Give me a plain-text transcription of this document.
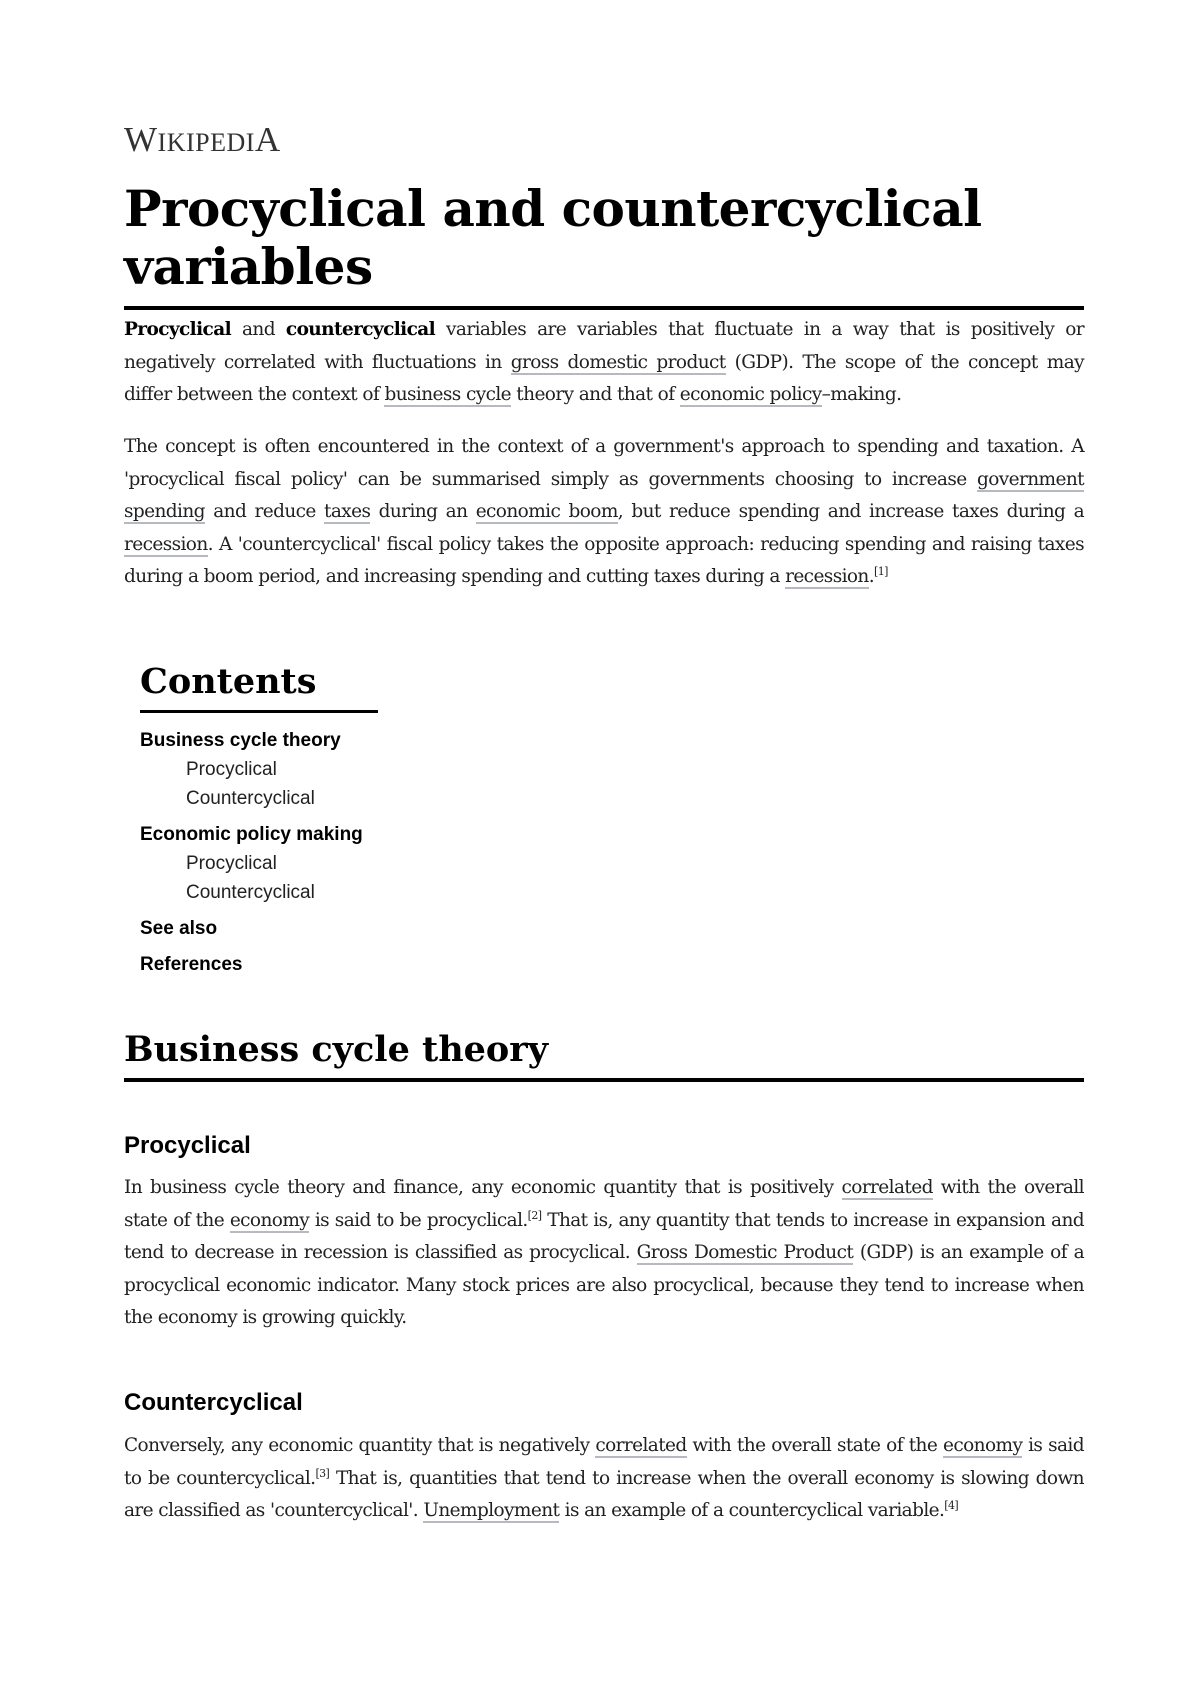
WIKIPEDIA
Procyclical and countercyclical variables

Procyclical and countercyclical variables are variables that fluctuate in a way that is positively or negatively correlated with fluctuations in gross domestic product (GDP). The scope of the concept may differ between the context of business cycle theory and that of economic policy–making.

The concept is often encountered in the context of a government's approach to spending and taxation. A 'procyclical fiscal policy' can be summarised simply as governments choosing to increase government spending and reduce taxes during an economic boom, but reduce spending and increase taxes during a recession. A 'countercyclical' fiscal policy takes the opposite approach: reducing spending and raising taxes during a boom period, and increasing spending and cutting taxes during a recession.[1]

Contents
Business cycle theory
Procyclical
Countercyclical
Economic policy making
Procyclical
Countercyclical
See also
References
Business cycle theory
Procyclical

In business cycle theory and finance, any economic quantity that is positively correlated with the overall state of the economy is said to be procyclical.[2] That is, any quantity that tends to increase in expansion and tend to decrease in recession is classified as procyclical. Gross Domestic Product (GDP) is an example of a procyclical economic indicator. Many stock prices are also procyclical, because they tend to increase when the economy is growing quickly.

Countercyclical

Conversely, any economic quantity that is negatively correlated with the overall state of the economy is said to be countercyclical.[3] That is, quantities that tend to increase when the overall economy is slowing down are classified as 'countercyclical'. Unemployment is an example of a countercyclical variable.[4]
